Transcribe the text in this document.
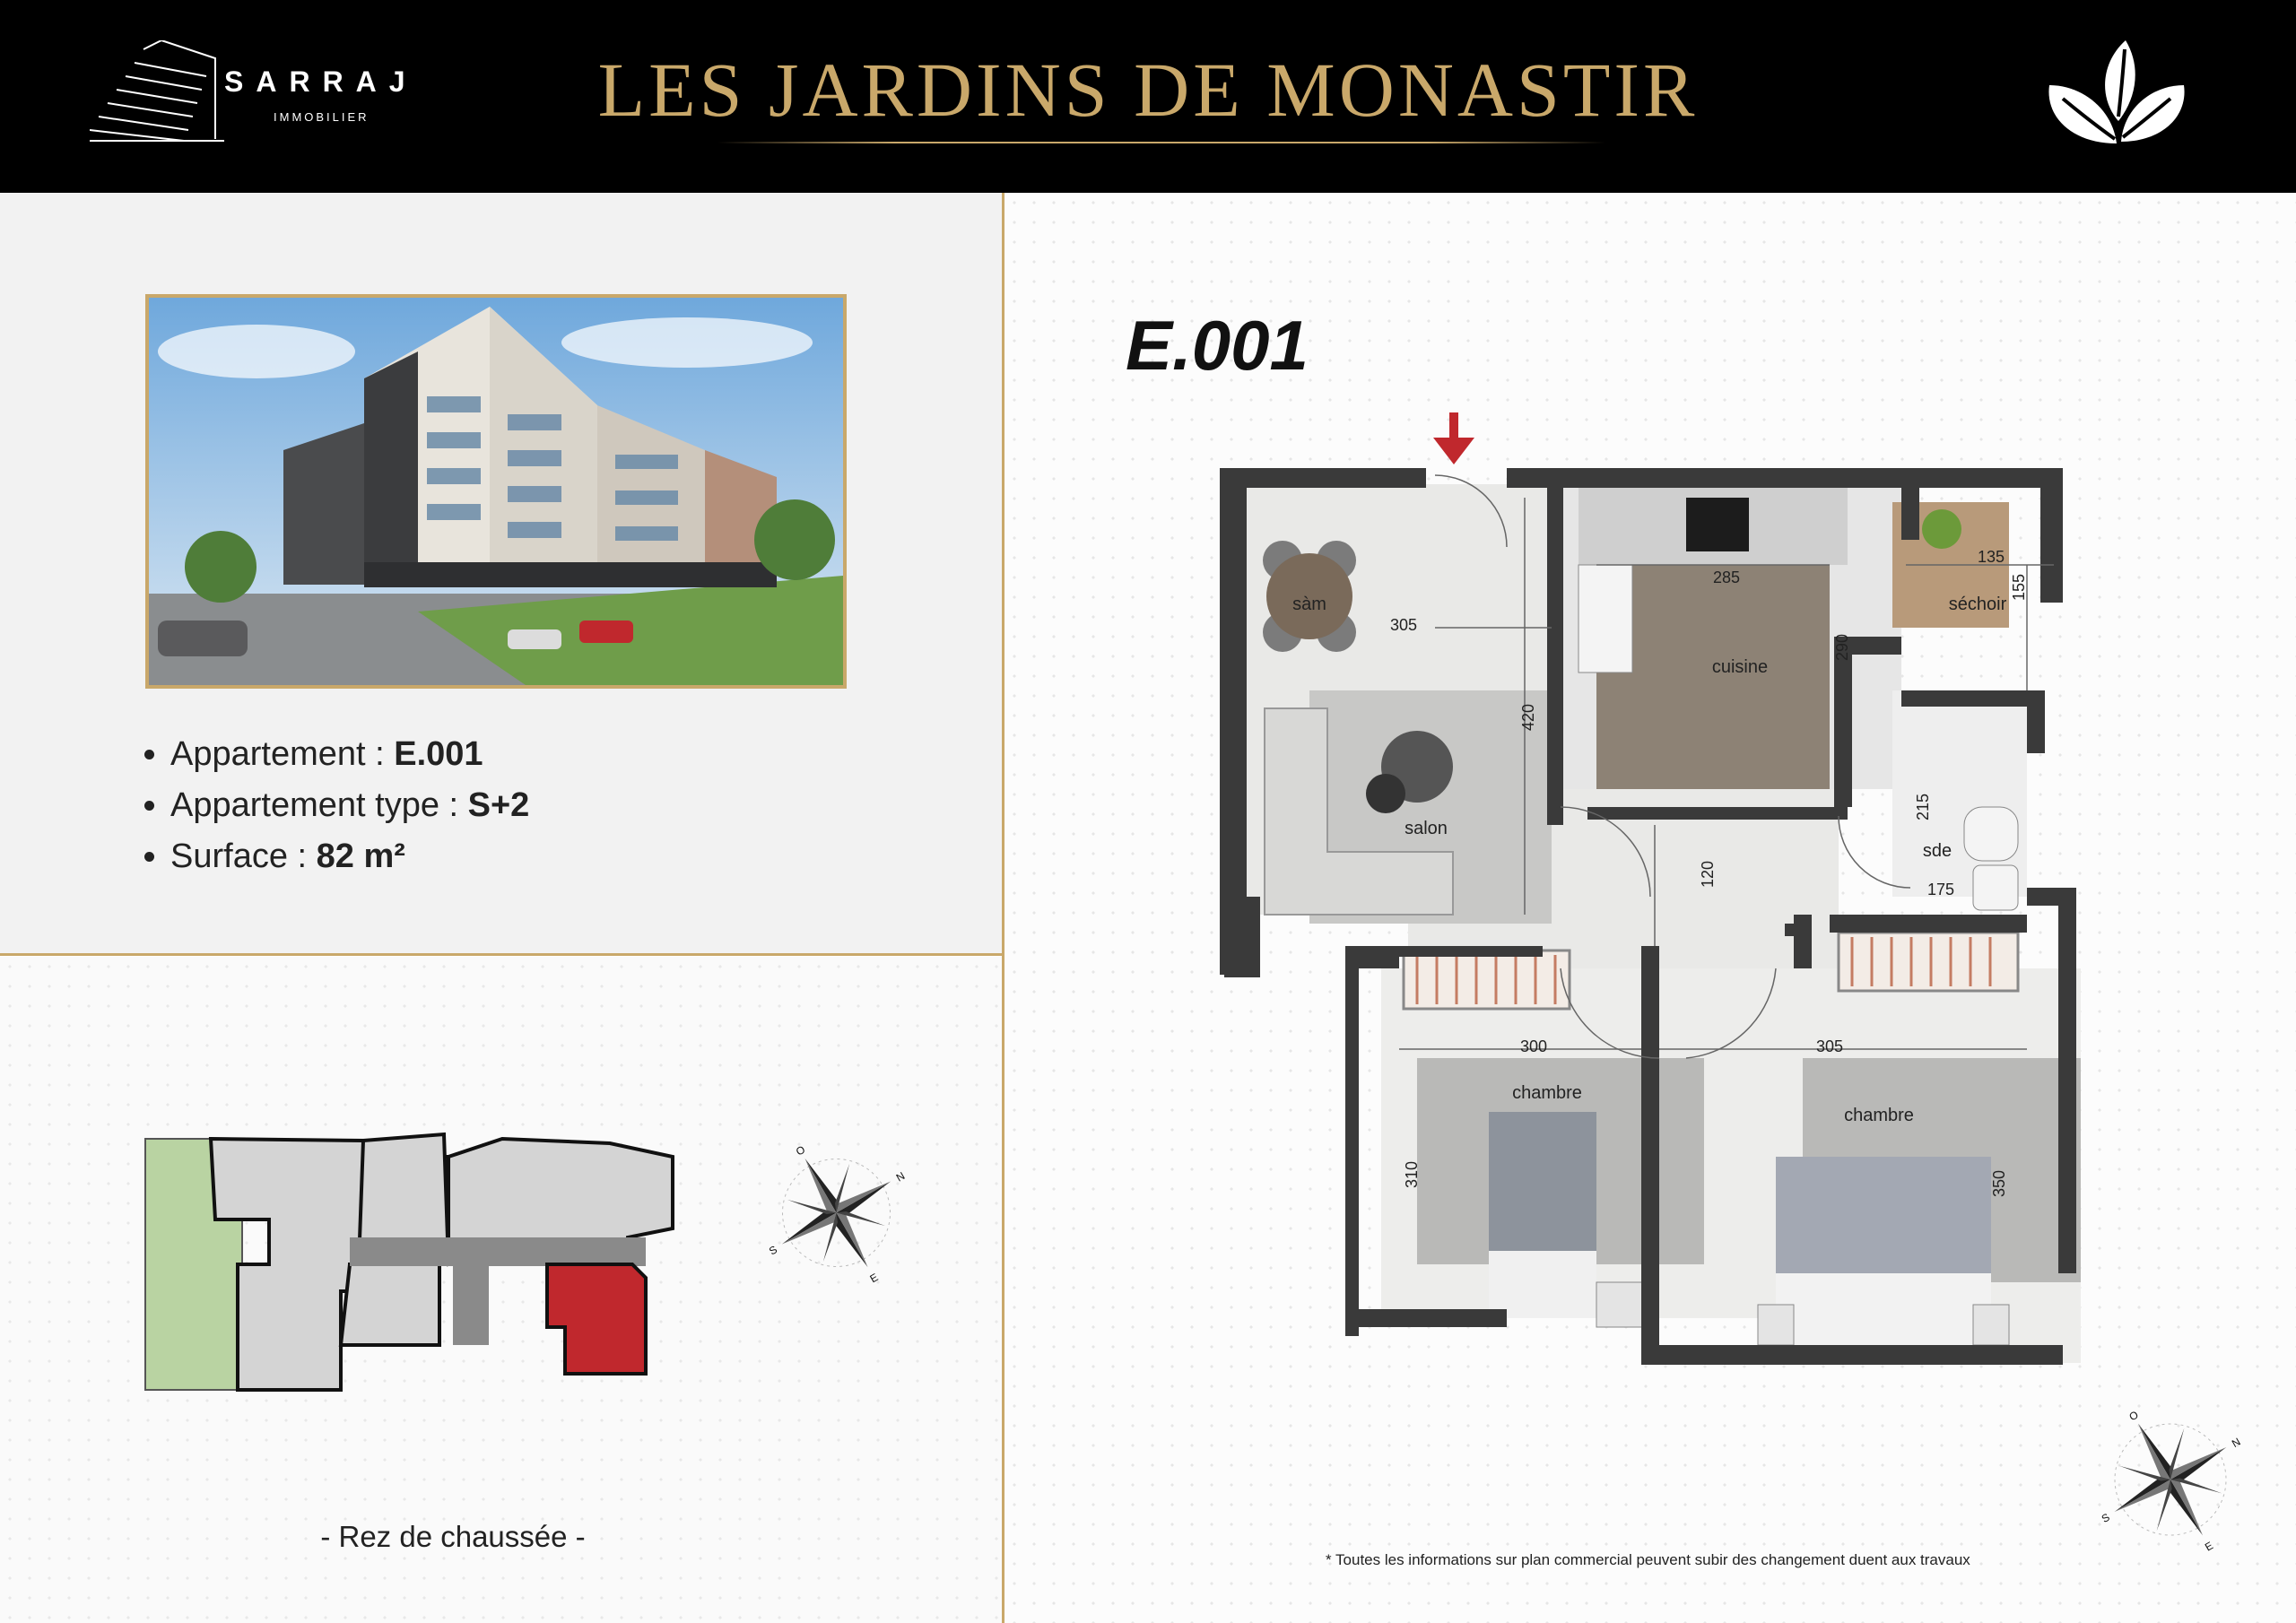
SARRAJ
IMMOBILIER	LES JARDINS DE MONASTIR
• Appartement : E.001
• Appartement type : S+2
• Surface : 82 m²
- Rez de chaussée -
O
E
N
S
E.001
sàm
salon
cuisine
séchoir
sde
chambre
chambre
305
420
285
290
135
155
120
215
175
300	305
310	350
O
E
N
S
* Toutes les informations sur plan commercial peuvent subir des changement duent aux travaux
